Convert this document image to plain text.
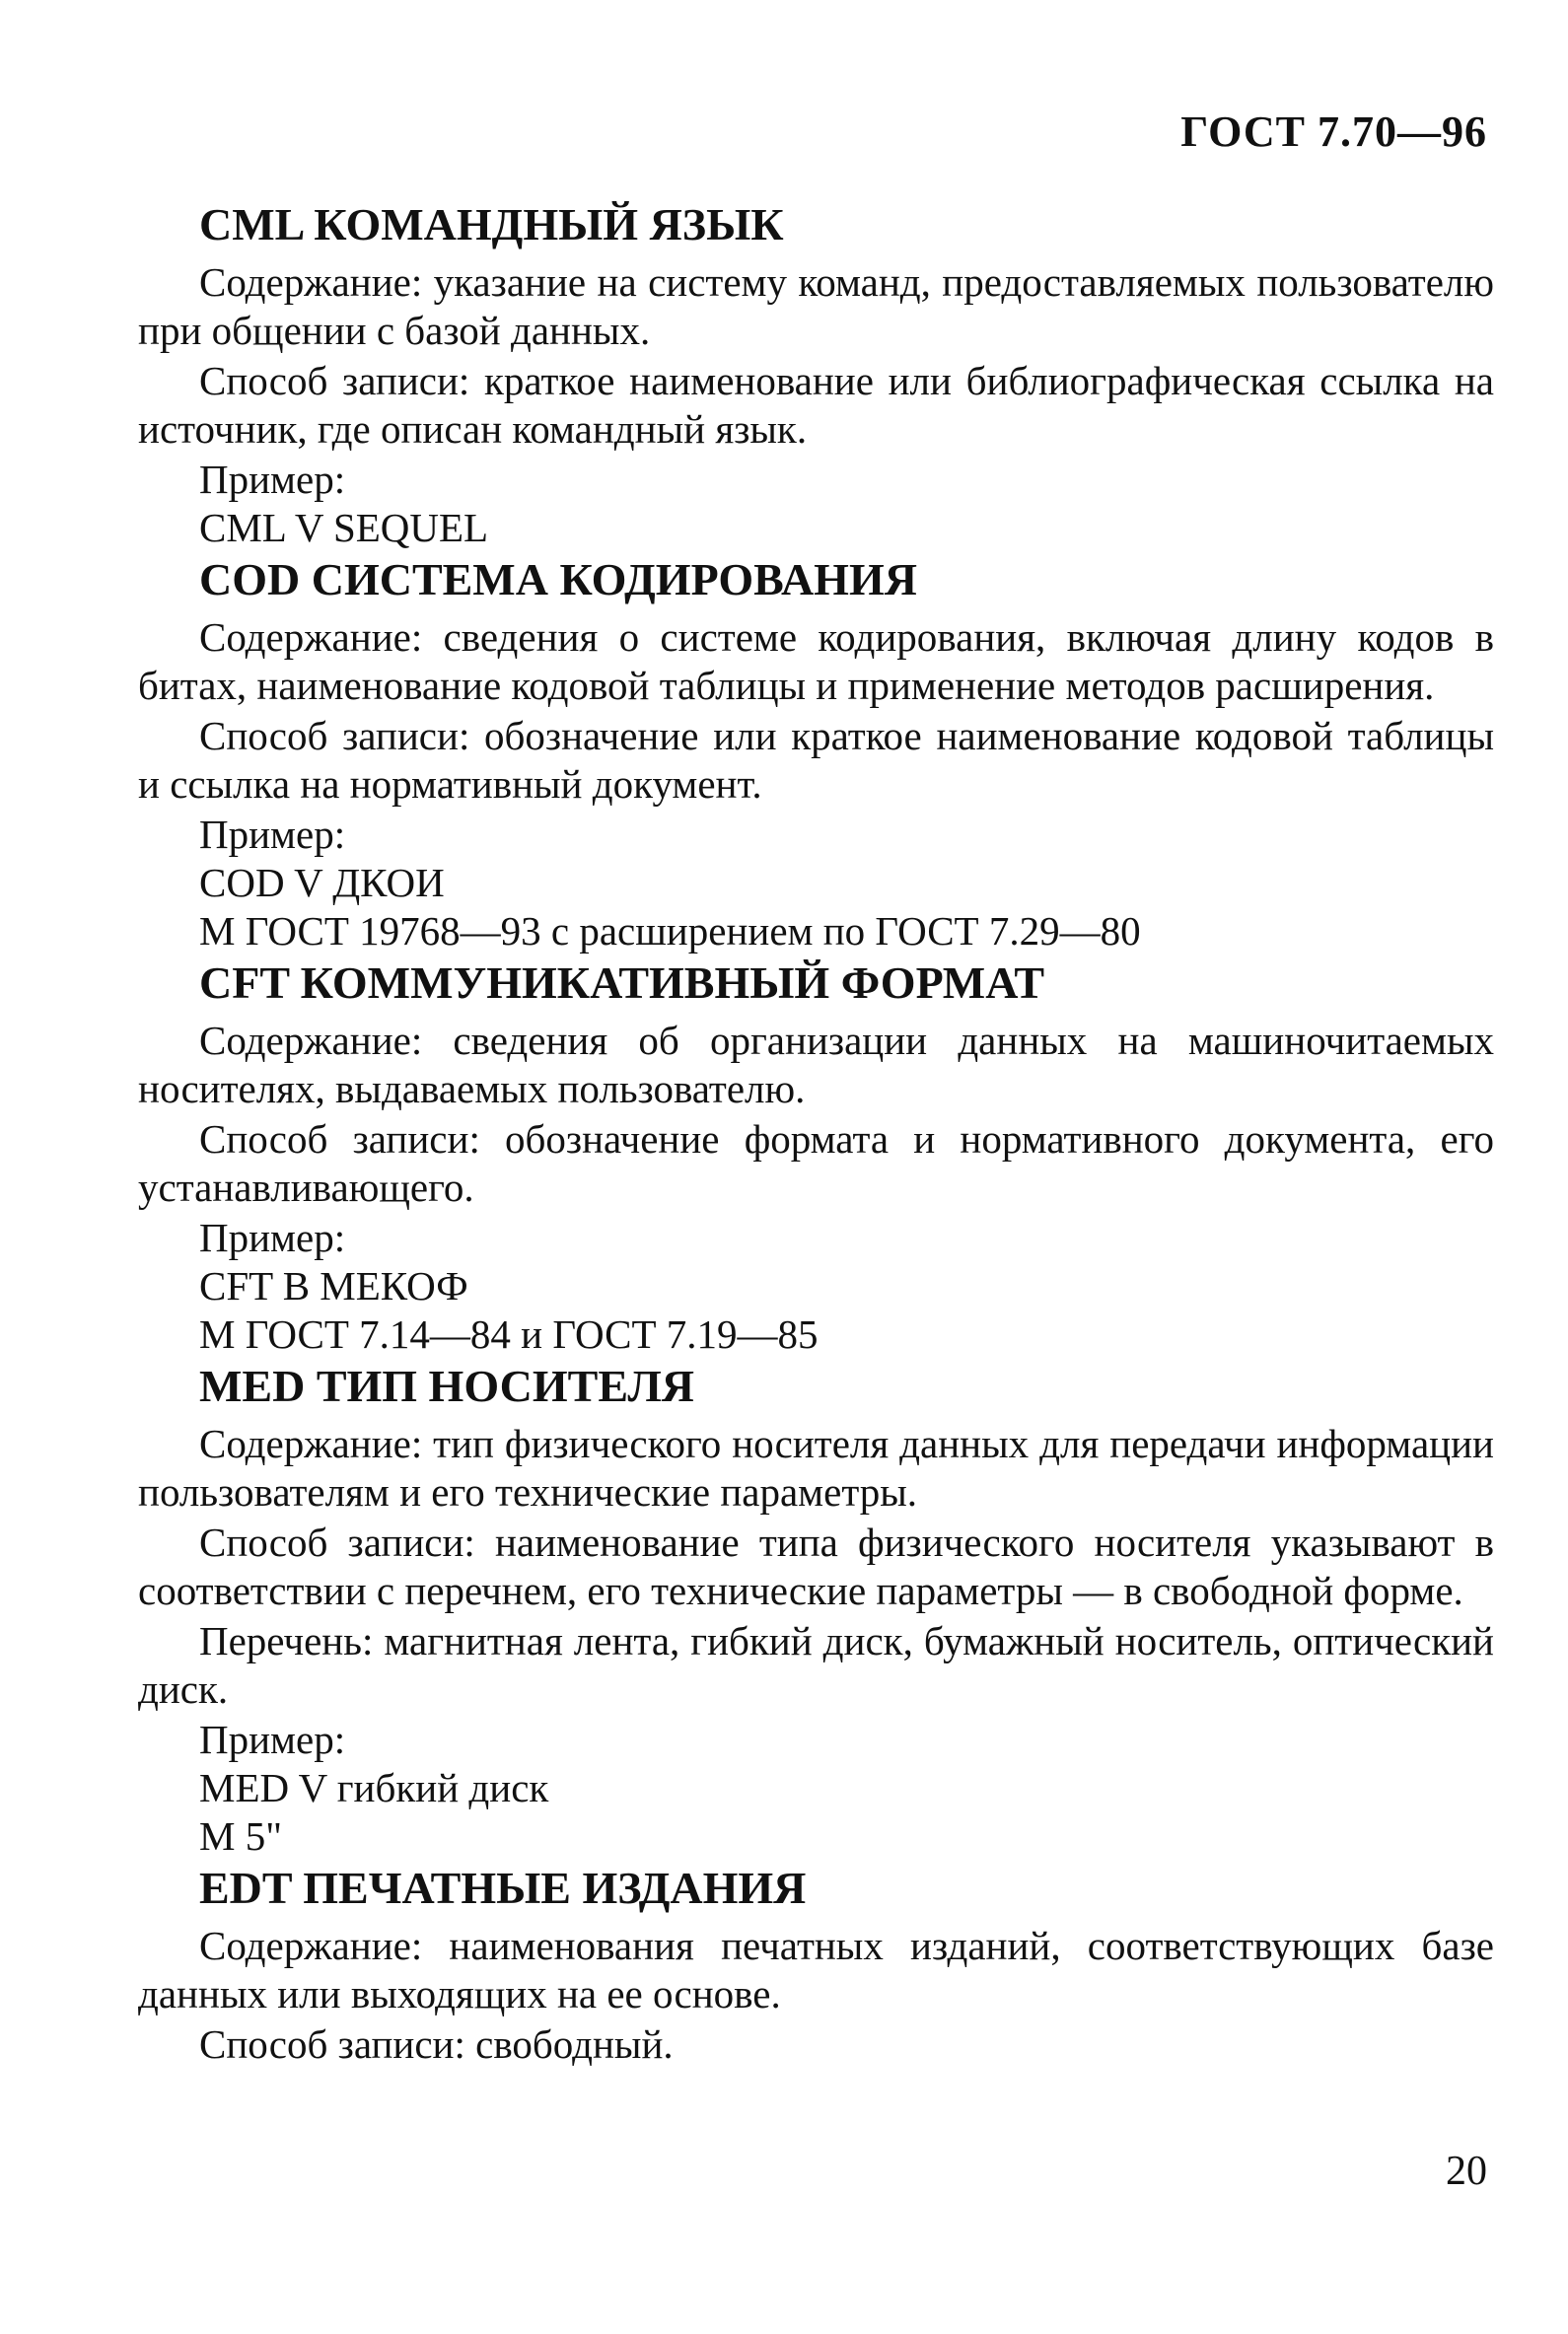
ГОСТ 7.70—96
CML КОМАНДНЫЙ ЯЗЫК

Содержание: указание на систему команд, предоставляемых пользователю при общении с базой данных.

Способ записи: краткое наименование или библиографическая ссылка на источник, где описан командный язык.

Пример:
CML V SEQUEL
COD СИСТЕМА КОДИРОВАНИЯ

Содержание: сведения о системе кодирования, включая длину кодов в битах, наименование кодовой таблицы и применение методов расширения.

Способ записи: обозначение или краткое наименование кодовой таблицы и ссылка на нормативный документ.

Пример:
COD V ДКОИ
M ГОСТ 19768—93 с расширением по ГОСТ 7.29—80
CFT КОММУНИКАТИВНЫЙ ФОРМАТ

Содержание: сведения об организации данных на машиночитаемых носителях, выдаваемых пользователю.

Способ записи: обозначение формата и нормативного документа, его устанавливающего.

Пример:
CFT B МЕКОФ
M ГОСТ 7.14—84 и ГОСТ 7.19—85
MED ТИП НОСИТЕЛЯ

Содержание: тип физического носителя данных для передачи информации пользователям и его технические параметры.

Способ записи: наименование типа физического носителя указывают в соответствии с перечнем, его технические параметры — в свободной форме.

Перечень: магнитная лента, гибкий диск, бумажный носитель, оптический диск.

Пример:
MED V гибкий диск
M 5"
EDT ПЕЧАТНЫЕ ИЗДАНИЯ

Содержание: наименования печатных изданий, соответствующих базе данных или выходящих на ее основе.

Способ записи: свободный.

20
